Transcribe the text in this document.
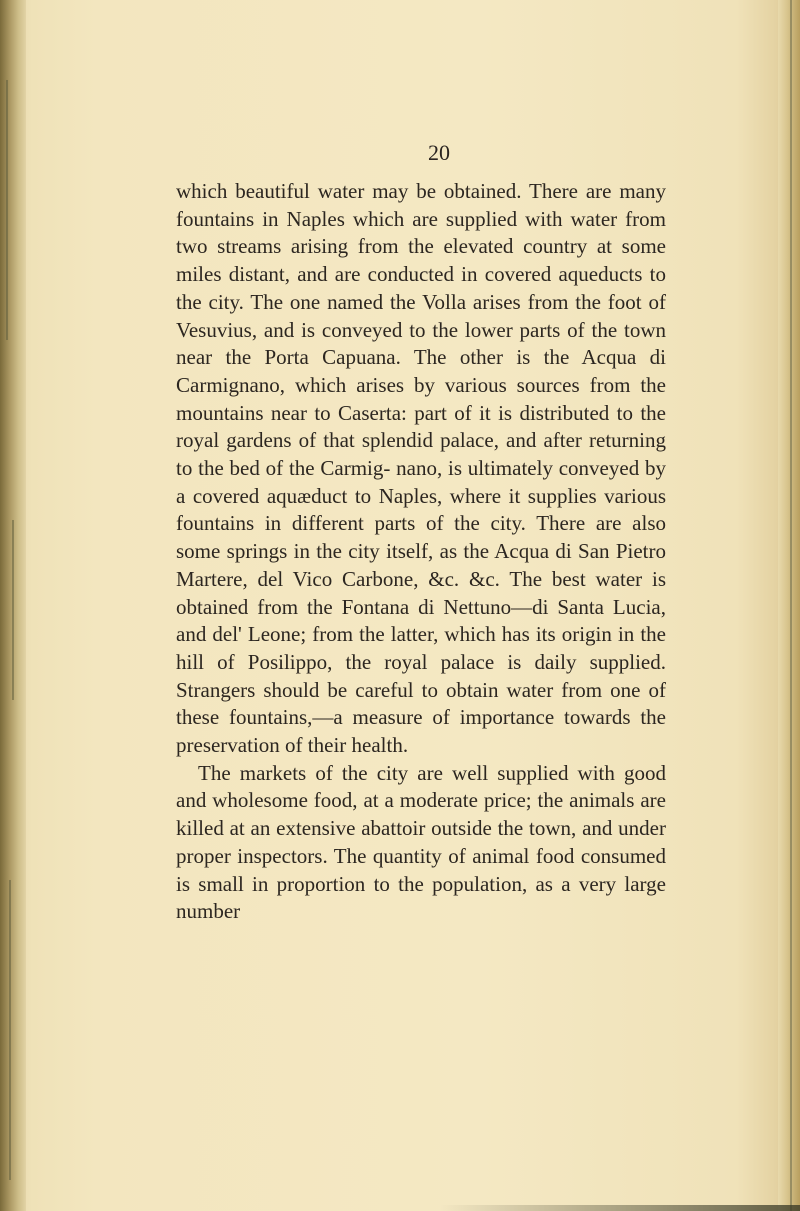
20

which beautiful water may be obtained. There are many fountains in Naples which are supplied with water from two streams arising from the elevated country at some miles distant, and are conducted in covered aqueducts to the city. The one named the Volla arises from the foot of Vesuvius, and is conveyed to the lower parts of the town near the Porta Capuana. The other is the Acqua di Carmignano, which arises by various sources from the mountains near to Caserta: part of it is distributed to the royal gardens of that splendid palace, and after returning to the bed of the Carmig- nano, is ultimately conveyed by a covered aquæduct to Naples, where it supplies various fountains in different parts of the city. There are also some springs in the city itself, as the Acqua di San Pietro Martere, del Vico Carbone, &c. &c. The best water is obtained from the Fontana di Nettuno—di Santa Lucia, and del' Leone; from the latter, which has its origin in the hill of Posilippo, the royal palace is daily supplied. Strangers should be careful to obtain water from one of these fountains,—a measure of importance towards the preservation of their health.

The markets of the city are well supplied with good and wholesome food, at a moderate price; the animals are killed at an extensive abattoir outside the town, and under proper inspectors. The quantity of animal food consumed is small in proportion to the population, as a very large number
